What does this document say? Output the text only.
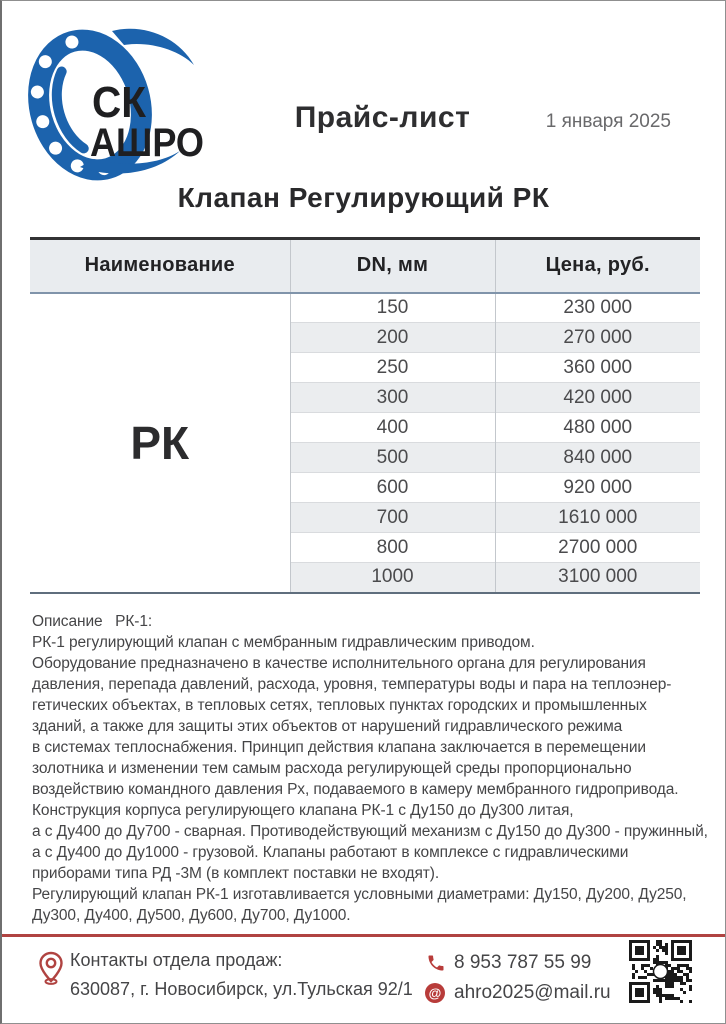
СК
АШРО
Прайс-лист	1 января 2025
Клапан Регулирующий РК
Наименование	DN, мм	Цена, руб.
РК	150	230 000
	200	270 000
	250	360 000
	300	420 000
	400	480 000
	500	840 000
	600	920 000
	700	1610 000
	800	2700 000
	1000	3100 000
Описание   РК-1:
РК-1 регулирующий клапан с мембранным гидравлическим приводом.
Оборудование предназначено в качестве исполнительного органа для регулирования
давления, перепада давлений, расхода, уровня, температуры воды и пара на теплоэнер-
гетических объектах, в тепловых сетях, тепловых пунктах городских и промышленных
зданий, а также для защиты этих объектов от нарушений гидравлического режима
в системах теплоснабжения. Принцип действия клапана заключается в перемещении
золотника и изменении тем самым расхода регулирующей среды пропорционально
воздействию командного давления Рх, подаваемого в камеру мембранного гидропривода.
Конструкция корпуса регулирующего клапана РК-1 с Ду150 до Ду300 литая,
а с Ду400 до Ду700 - сварная. Противодействующий механизм с Ду150 до Ду300 - пружинный,
а с Ду400 до Ду1000 - грузовой. Клапаны работают в комплексе с гидравлическими
приборами типа РД -3М (в комплект поставки не входят).
Регулирующий клапан РК-1 изготавливается условными диаметрами: Ду150, Ду200, Ду250,
Ду300, Ду400, Ду500, Ду600, Ду700, Ду1000.
Контакты отдела продаж:
630087, г. Новосибирск, ул.Тульская 92/1
8 953 787 55 99
@ ahro2025@mail.ru
